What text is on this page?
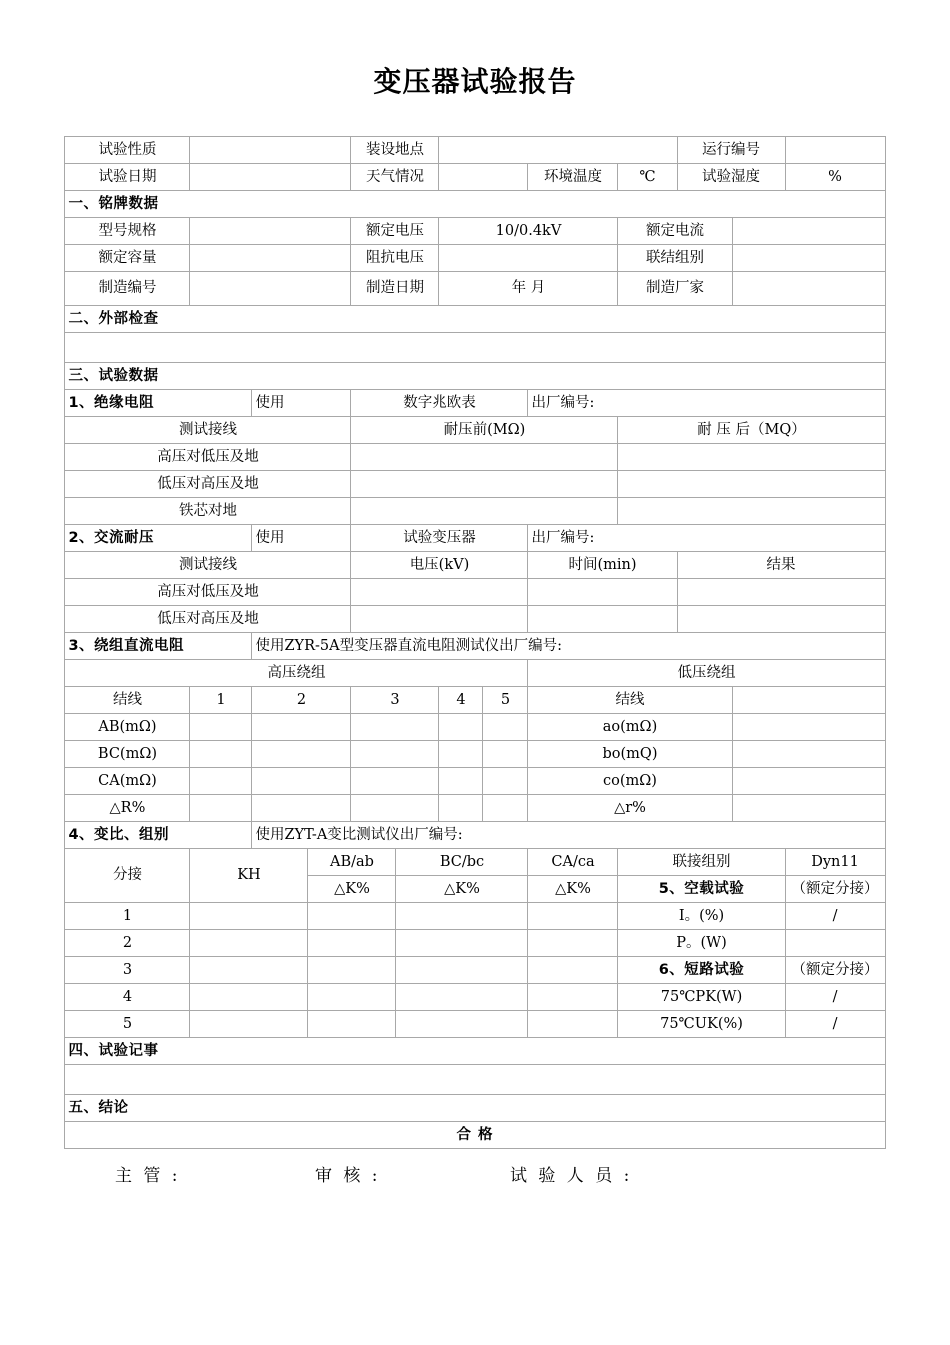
变压器试验报告
试验性质				装设地点						运行编号		
试验日期				天气情况				环境温度	℃	试验湿度		%
一、铭牌数据												
型号规格				额定电压		10/0.4kV			额定电流			
额定容量				阻抗电压					联结组别			
制造编号				制造日期		年 月			制造厂家			
二、外部检查												

三、试验数据												
1、绝缘电阻		使用		数字兆欧表				出厂编号:				
测试接线				耐压前(MΩ)					耐 压 后（MQ）			
高压对低压及地												
低压对高压及地												
铁芯对地												
2、交流耐压		使用		试验变压器				出厂编号:				
测试接线				电压(kV)				时间(min)		结果		
高压对低压及地												
低压对高压及地												
3、绕组直流电阻		使用ZYR-5A型变压器直流电阻测试仪出厂编号:										
高压绕组								低压绕组				
结线	1	2		3		4	5	结线				
AB(mΩ)								ao(mΩ)				
BC(mΩ)								bo(mQ)				
CA(mΩ)								co(mΩ)				
△R%								△r%				
4、变比、组别		使用ZYT-A变比测试仪出厂编号:										
分接	KH		AB/ab		BC/bc			CA/ca	联接组别			Dyn11
			△K%		△K%			△K%	5、空载试验			（额定分接）
1									I。(%)			/
2									P。(W)			
3									6、短路试验			（额定分接）
4									75℃PK(W)			/
5									75℃UK(%)			/
四、试验记事												

五、结论												
合 格												
主 管 :	审 核 :	试 验 人 员 :
